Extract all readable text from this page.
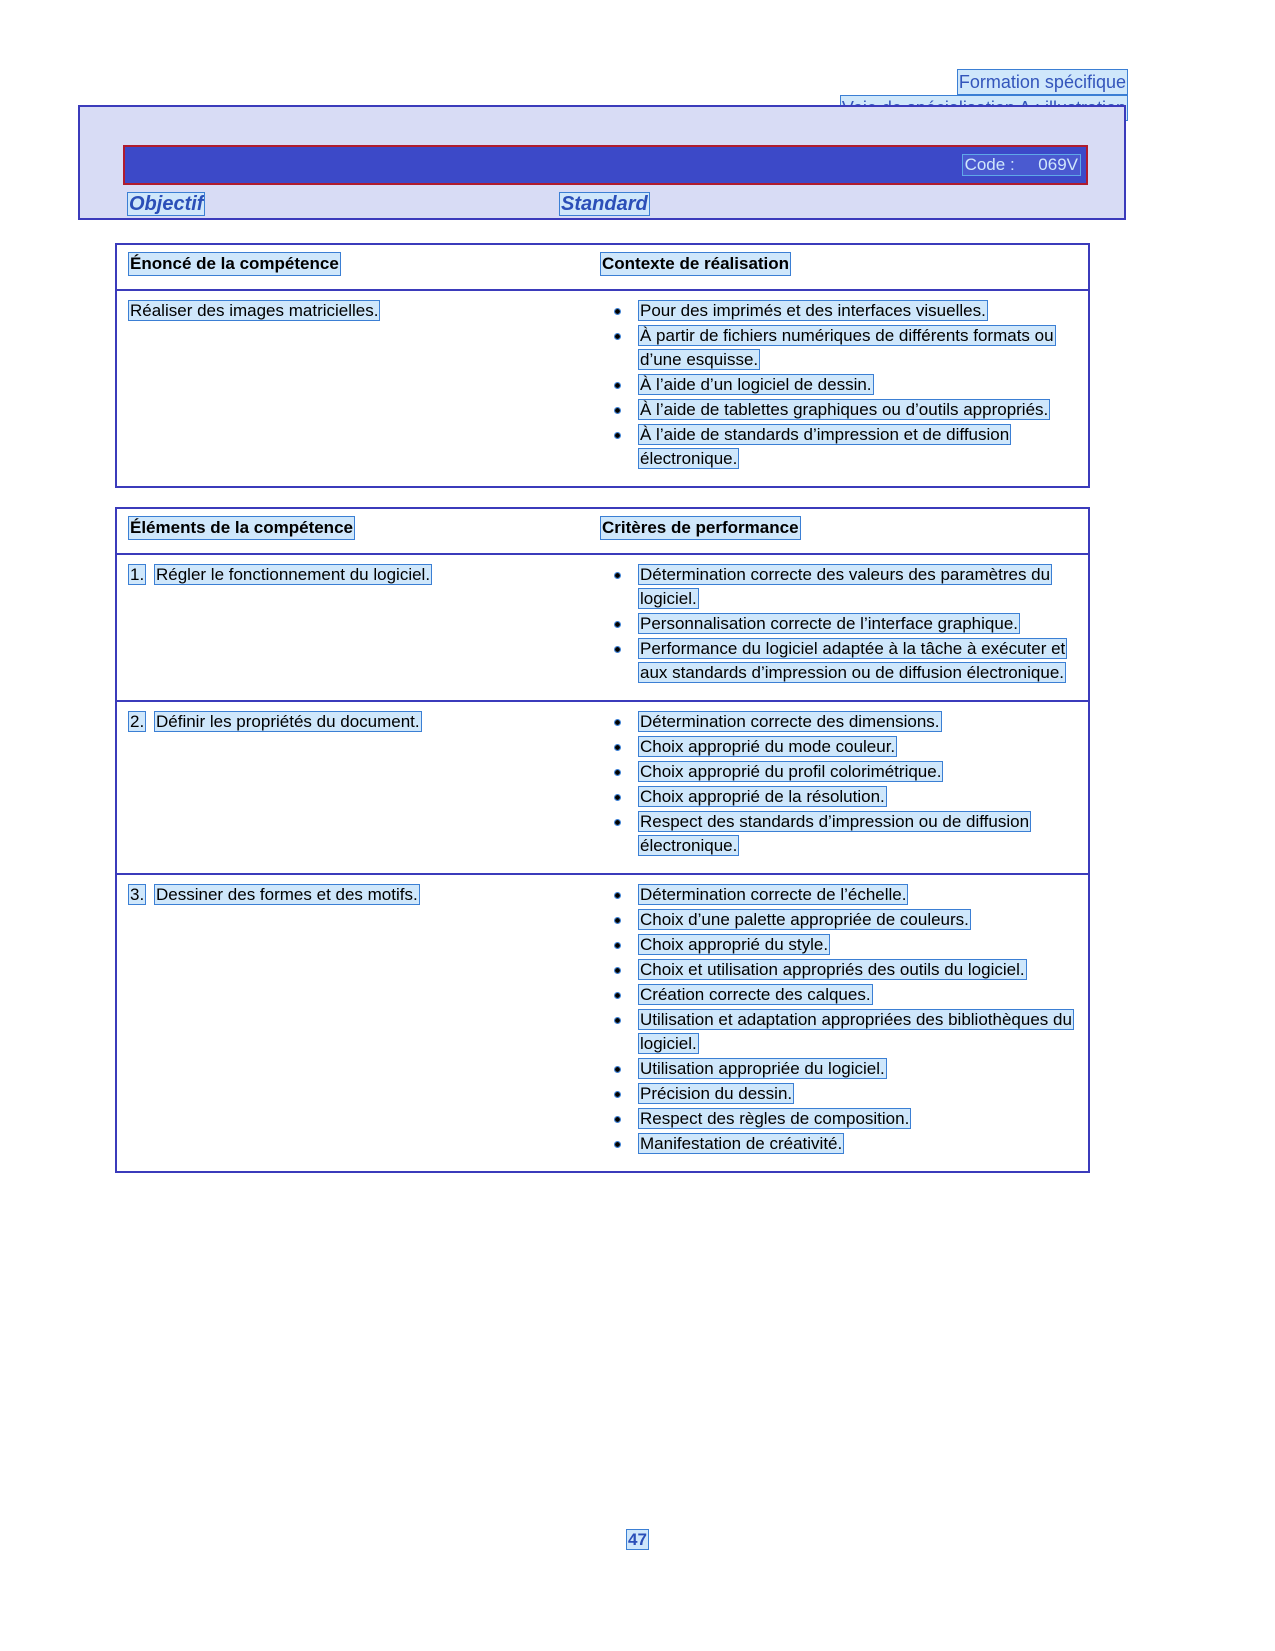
Formation spécifique

Code : 069V
Objectif	Standard
Énoncé de la compétence	Contexte de réalisation
Réaliser des images matricielles.	Pour des imprimés et des interfaces visuelles.
À partir de fichiers numériques de différents formats ou d’une esquisse.
À l’aide d’un logiciel de dessin.
À l’aide de tablettes graphiques ou d’outils appropriés.
À l’aide de standards d’impression et de diffusion électronique.
Éléments de la compétence	Critères de performance
1. Régler le fonctionnement du logiciel.	Détermination correcte des valeurs des paramètres du logiciel.
Personnalisation correcte de l’interface graphique.
Performance du logiciel adaptée à la tâche à exécuter et aux standards d’impression ou de diffusion électronique.
2. Définir les propriétés du document.	Détermination correcte des dimensions.
Choix approprié du mode couleur.
Choix approprié du profil colorimétrique.
Choix approprié de la résolution.
Respect des standards d’impression ou de diffusion électronique.
3. Dessiner des formes et des motifs.	Détermination correcte de l’échelle.
Choix d’une palette appropriée de couleurs.
Choix approprié du style.
Choix et utilisation appropriés des outils du logiciel.
Création correcte des calques.
Utilisation et adaptation appropriées des bibliothèques du logiciel.
Utilisation appropriée du logiciel.
Précision du dessin.
Respect des règles de composition.
Manifestation de créativité.
47
